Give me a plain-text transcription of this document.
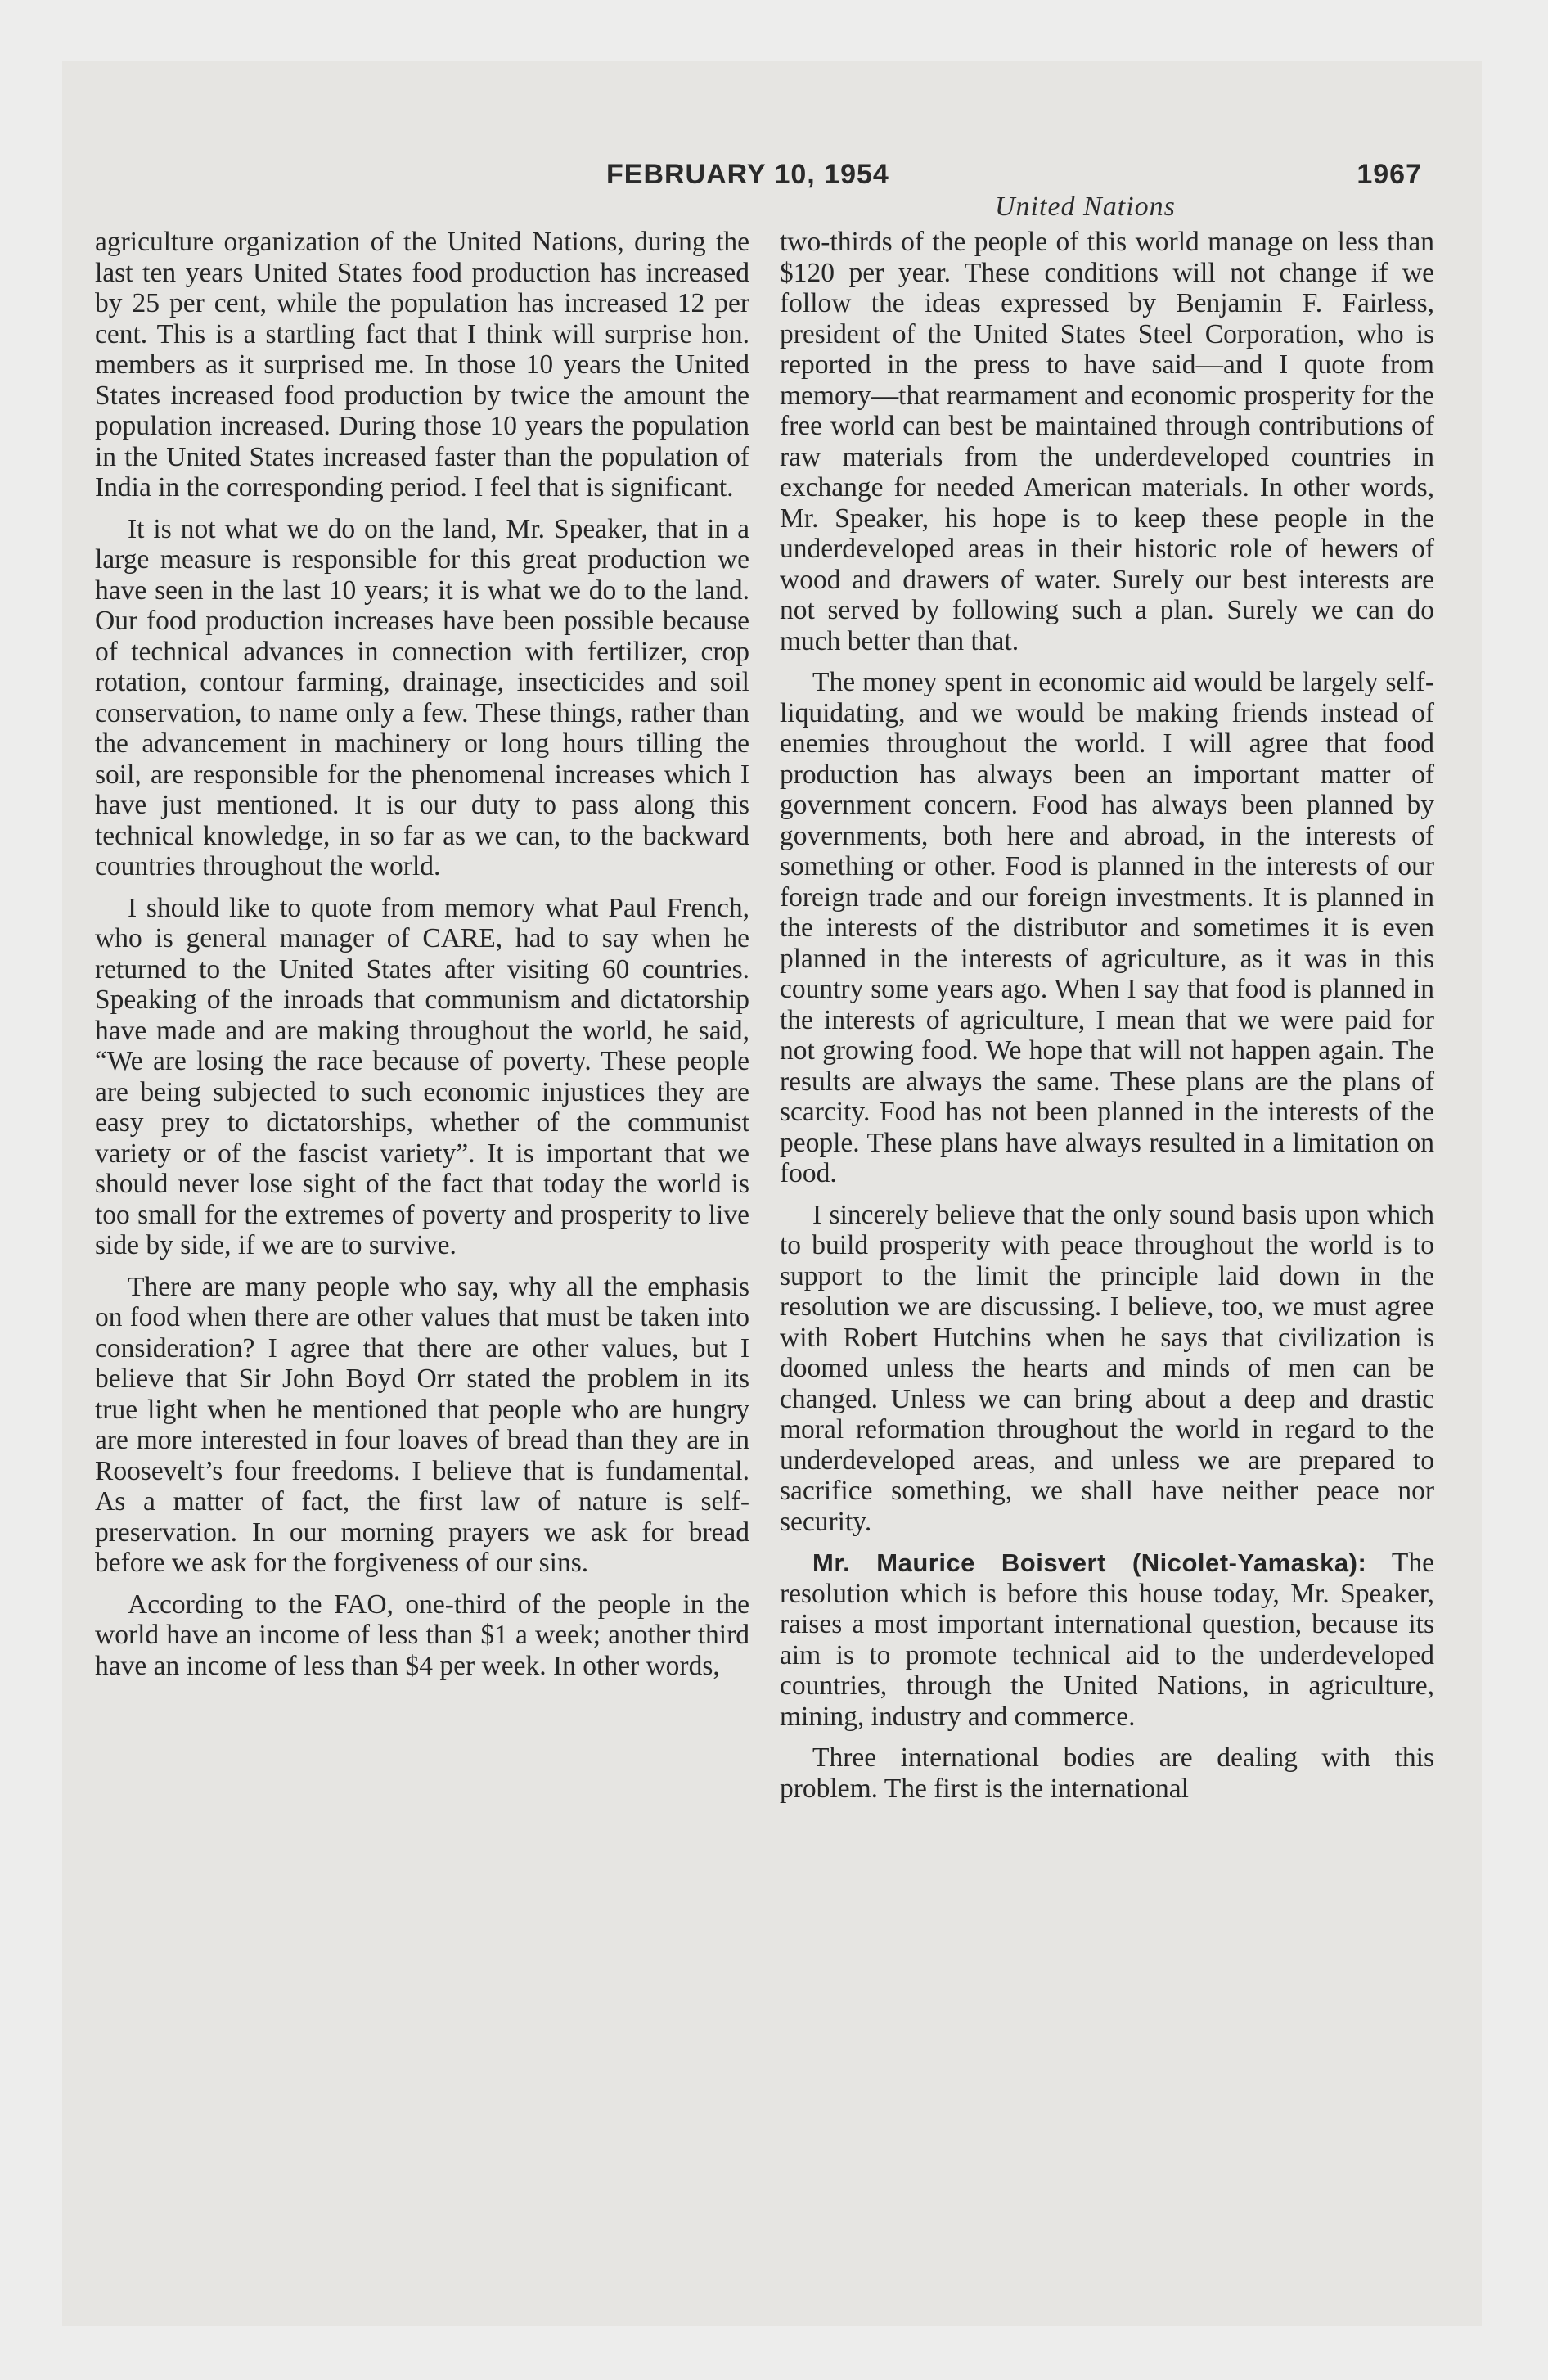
FEBRUARY 10, 1954	1967
United Nations

agriculture organization of the United Nations, during the last ten years United States food production has increased by 25 per cent, while the population has increased 12 per cent. This is a startling fact that I think will surprise hon. members as it surprised me. In those 10 years the United States increased food production by twice the amount the population increased. During those 10 years the population in the United States increased faster than the population of India in the corresponding period. I feel that is significant.

It is not what we do on the land, Mr. Speaker, that in a large measure is responsible for this great production we have seen in the last 10 years; it is what we do to the land. Our food production increases have been possible because of technical advances in connection with fertilizer, crop rotation, contour farming, drainage, insecticides and soil conservation, to name only a few. These things, rather than the advancement in machinery or long hours tilling the soil, are responsible for the phenomenal increases which I have just mentioned. It is our duty to pass along this technical knowledge, in so far as we can, to the backward countries throughout the world.

I should like to quote from memory what Paul French, who is general manager of CARE, had to say when he returned to the United States after visiting 60 countries. Speaking of the inroads that communism and dictatorship have made and are making throughout the world, he said, “We are losing the race because of poverty. These people are being subjected to such economic injustices they are easy prey to dictatorships, whether of the communist variety or of the fascist variety”. It is important that we should never lose sight of the fact that today the world is too small for the extremes of poverty and prosperity to live side by side, if we are to survive.

There are many people who say, why all the emphasis on food when there are other values that must be taken into consideration? I agree that there are other values, but I believe that Sir John Boyd Orr stated the problem in its true light when he mentioned that people who are hungry are more interested in four loaves of bread than they are in Roosevelt’s four freedoms. I believe that is fundamental. As a matter of fact, the first law of nature is self-preservation. In our morning prayers we ask for bread before we ask for the forgiveness of our sins.

According to the FAO, one-third of the people in the world have an income of less than $1 a week; another third have an income of less than $4 per week. In other words,

two-thirds of the people of this world manage on less than $120 per year. These conditions will not change if we follow the ideas expressed by Benjamin F. Fairless, president of the United States Steel Corporation, who is reported in the press to have said—and I quote from memory—that rearmament and economic prosperity for the free world can best be maintained through contributions of raw materials from the underdeveloped countries in exchange for needed American materials. In other words, Mr. Speaker, his hope is to keep these people in the underdeveloped areas in their historic role of hewers of wood and drawers of water. Surely our best interests are not served by following such a plan. Surely we can do much better than that.

The money spent in economic aid would be largely self-liquidating, and we would be making friends instead of enemies throughout the world. I will agree that food production has always been an important matter of government concern. Food has always been planned by governments, both here and abroad, in the interests of something or other. Food is planned in the interests of our foreign trade and our foreign investments. It is planned in the interests of the distributor and sometimes it is even planned in the interests of agriculture, as it was in this country some years ago. When I say that food is planned in the interests of agriculture, I mean that we were paid for not growing food. We hope that will not happen again. The results are always the same. These plans are the plans of scarcity. Food has not been planned in the interests of the people. These plans have always resulted in a limitation on food.

I sincerely believe that the only sound basis upon which to build prosperity with peace throughout the world is to support to the limit the principle laid down in the resolution we are discussing. I believe, too, we must agree with Robert Hutchins when he says that civilization is doomed unless the hearts and minds of men can be changed. Unless we can bring about a deep and drastic moral reformation throughout the world in regard to the underdeveloped areas, and unless we are prepared to sacrifice something, we shall have neither peace nor security.

Mr. Maurice Boisvert (Nicolet-Yamaska): The resolution which is before this house today, Mr. Speaker, raises a most important international question, because its aim is to promote technical aid to the underdeveloped countries, through the United Nations, in agriculture, mining, industry and commerce.

Three international bodies are dealing with this problem. The first is the international
